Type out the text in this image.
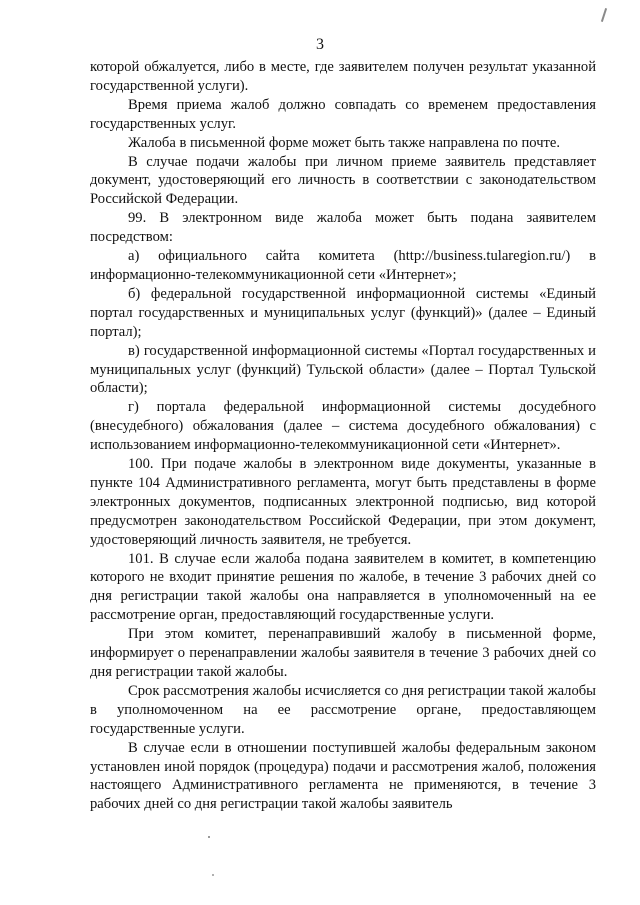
3

которой обжалуется, либо в месте, где заявителем получен результат указанной государственной услуги).

Время приема жалоб должно совпадать со временем предоставления государственных услуг.

Жалоба в письменной форме может быть также направлена по почте.

В случае подачи жалобы при личном приеме заявитель представляет документ, удостоверяющий его личность в соответствии с законодательством Российской Федерации.

99. В электронном виде жалоба может быть подана заявителем посредством:

а) официального сайта комитета (http://business.tularegion.ru/) в информационно-телекоммуникационной сети «Интернет»;

б) федеральной государственной информационной системы «Единый портал государственных и муниципальных услуг (функций)» (далее – Единый портал);

в) государственной информационной системы «Портал государственных и муниципальных услуг (функций) Тульской области» (далее – Портал Тульской области);

г) портала федеральной информационной системы досудебного (внесудебного) обжалования (далее – система досудебного обжалования) с использованием информационно-телекоммуникационной сети «Интернет».

100. При подаче жалобы в электронном виде документы, указанные в пункте 104 Административного регламента, могут быть представлены в форме электронных документов, подписанных электронной подписью, вид которой предусмотрен законодательством Российской Федерации, при этом документ, удостоверяющий личность заявителя, не требуется.

101. В случае если жалоба подана заявителем в комитет, в компетенцию которого не входит принятие решения по жалобе, в течение 3 рабочих дней со дня регистрации такой жалобы она направляется в уполномоченный на ее рассмотрение орган, предоставляющий государственные услуги.

При этом комитет, перенаправивший жалобу в письменной форме, информирует о перенаправлении жалобы заявителя в течение 3 рабочих дней со дня регистрации такой жалобы.

Срок рассмотрения жалобы исчисляется со дня регистрации такой жалобы в уполномоченном на ее рассмотрение органе, предоставляющем государственные услуги.

В случае если в отношении поступившей жалобы федеральным законом установлен иной порядок (процедура) подачи и рассмотрения жалоб, положения настоящего Административного регламента не применяются, в течение 3 рабочих дней со дня регистрации такой жалобы заявитель
